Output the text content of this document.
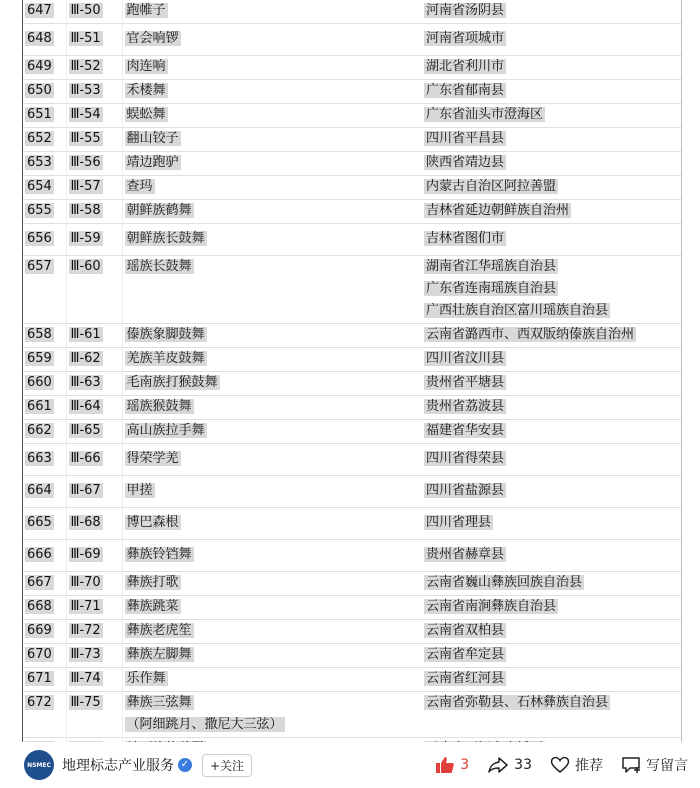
647	Ⅲ-50	跑帷子	河南省汤阴县

648	Ⅲ-51	官会响锣	河南省项城市

649	Ⅲ-52	肉连响	湖北省利川市

650	Ⅲ-53	禾楼舞	广东省郁南县

651	Ⅲ-54	蜈蚣舞	广东省汕头市澄海区

652	Ⅲ-55	翻山铰子	四川省平昌县

653	Ⅲ-56	靖边跑驴	陕西省靖边县

654	Ⅲ-57	查玛	内蒙古自治区阿拉善盟

655	Ⅲ-58	朝鲜族鹤舞	吉林省延边朝鲜族自治州

656	Ⅲ-59	朝鲜族长鼓舞	吉林省图们市

657	Ⅲ-60	瑶族长鼓舞	湖南省江华瑶族自治县
广东省连南瑶族自治县
广西壮族自治区富川瑶族自治县

658	Ⅲ-61	傣族象脚鼓舞	云南省潞西市、西双版纳傣族自治州

659	Ⅲ-62	羌族羊皮鼓舞	四川省汶川县

660	Ⅲ-63	毛南族打猴鼓舞	贵州省平塘县

661	Ⅲ-64	瑶族猴鼓舞	贵州省荔波县

662	Ⅲ-65	高山族拉手舞	福建省华安县

663	Ⅲ-66	得荣学羌	四川省得荣县

664	Ⅲ-67	甲搓	四川省盐源县

665	Ⅲ-68	博巴森根	四川省理县

666	Ⅲ-69	彝族铃铛舞	贵州省赫章县

667	Ⅲ-70	彝族打歌	云南省巍山彝族回族自治县

668	Ⅲ-71	彝族跳菜	云南省南涧彝族自治县

669	Ⅲ-72	彝族老虎笙	云南省双柏县

670	Ⅲ-73	彝族左脚舞	云南省牟定县

671	Ⅲ-74	乐作舞	云南省红河县

672	Ⅲ-75	彝族三弦舞
（阿细跳月、撒尼大三弦）	云南省弥勒县、石林彝族自治县

NSMEC 地理标志产业服务 ✓	+关注	3	33	推荐	写留言
